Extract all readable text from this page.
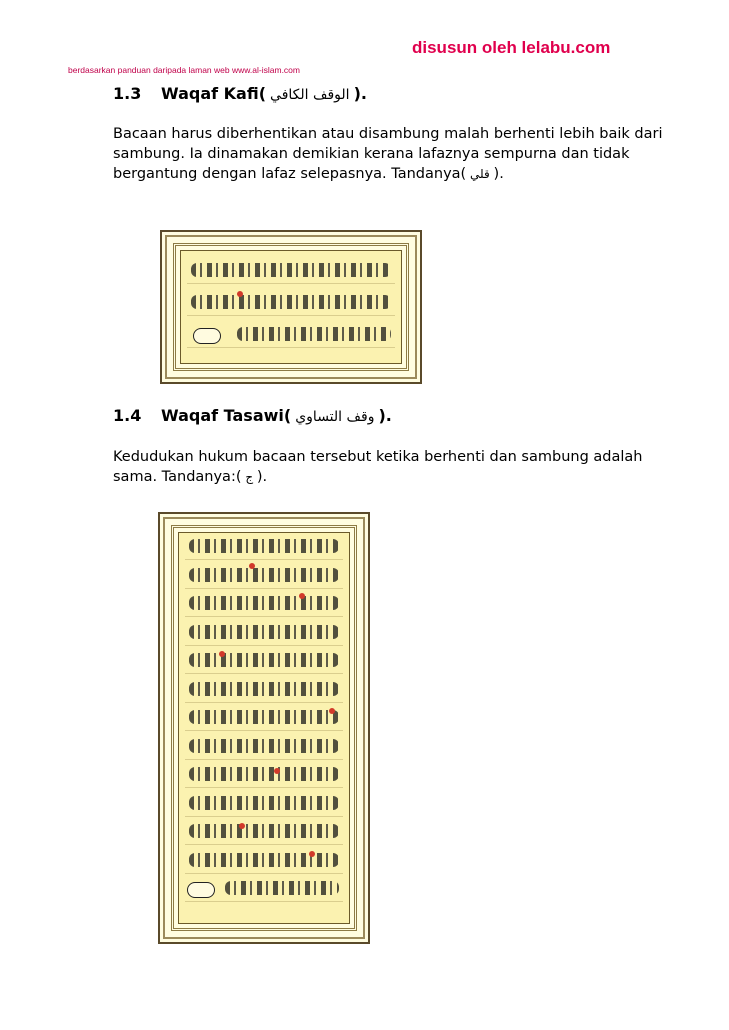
disusun oleh lelabu.com
berdasarkan panduan daripada laman web www.al-islam.com
1.3	Waqaf Kafi ( الوقف الكافي ).
Bacaan harus diberhentikan atau disambung malah berhenti lebih baik dari sambung. Ia dinamakan demikian kerana lafaznya sempurna dan tidak bergantung dengan lafaz selepasnya. Tandanya( قلي ).
1.4	Waqaf Tasawi ( وقف التساوي ).
Kedudukan hukum bacaan tersebut ketika berhenti dan sambung adalah sama. Tandanya:( ج ).
